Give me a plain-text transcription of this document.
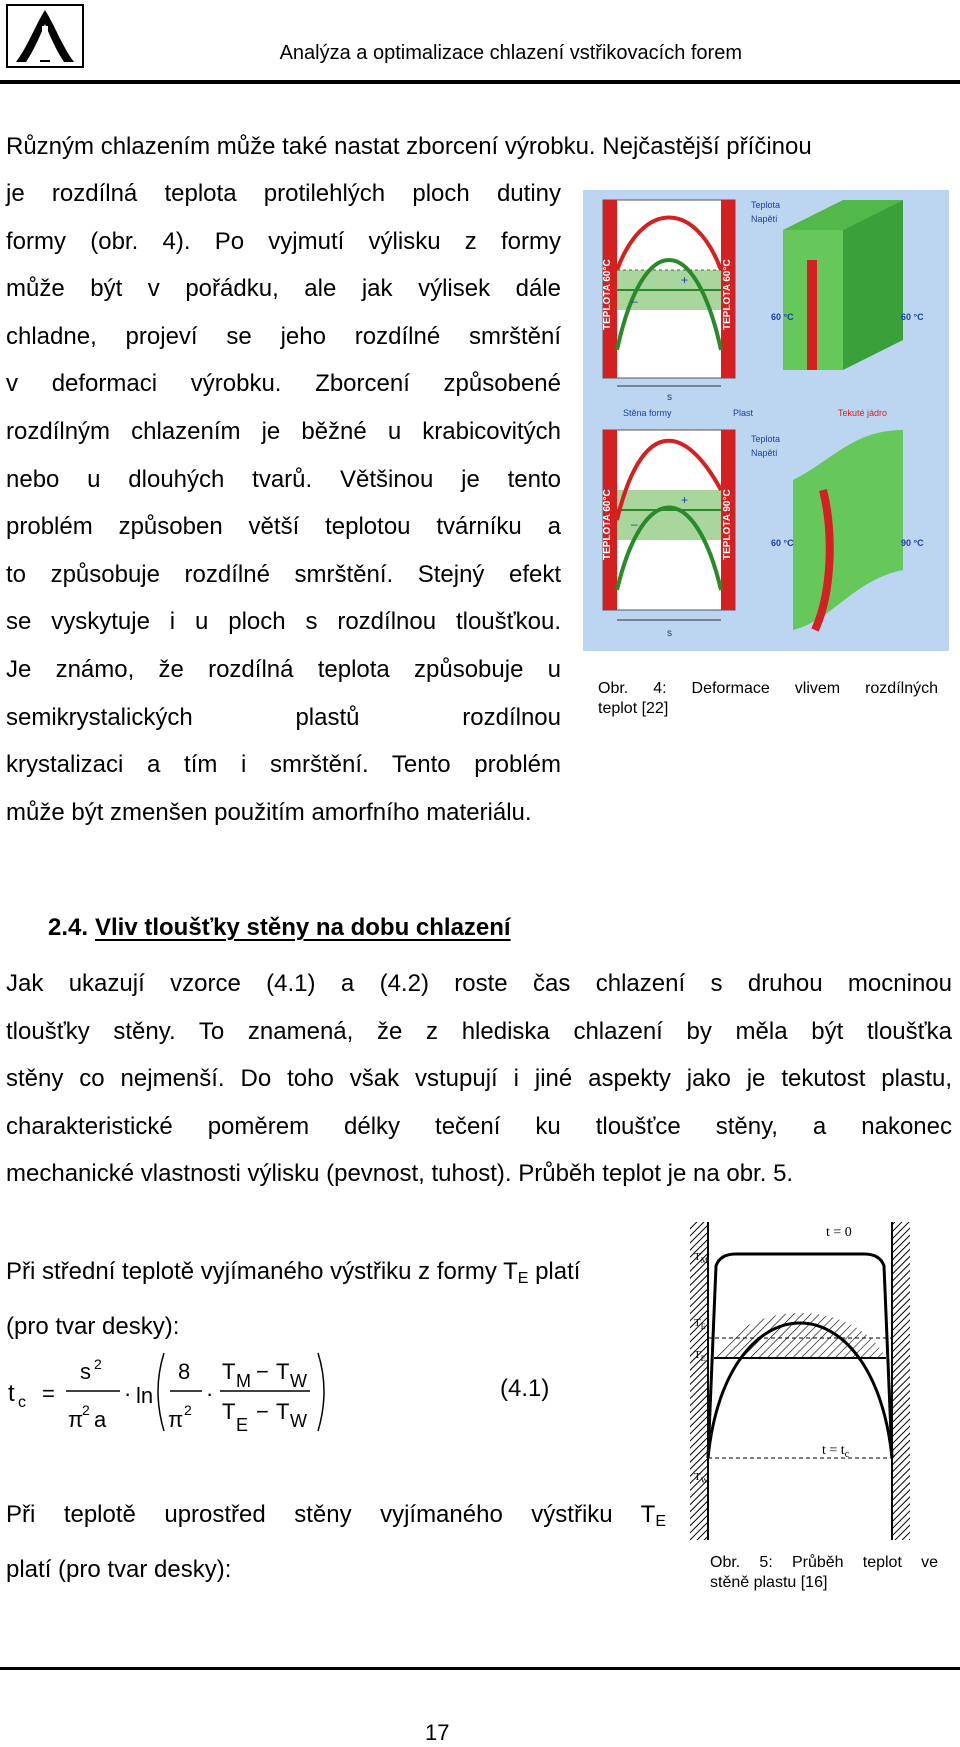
Analýza a optimalizace chlazení vstřikovacích forem
Různým chlazením může také nastat zborcení výrobku. Nejčastější příčinou
je rozdílná teplota protilehlých ploch dutiny
formy (obr. 4). Po vyjmutí výlisku z formy
může být v pořádku, ale jak výlisek dále
chladne, projeví se jeho rozdílné smrštění
v deformaci výrobku. Zborcení způsobené
rozdílným chlazením je běžné u krabicovitých
nebo u dlouhých tvarů. Většinou je tento
problém způsoben větší teplotou tvárníku a
to způsobuje rozdílné smrštění. Stejný efekt
se vyskytuje i u ploch s rozdílnou tloušťkou.
Je známo, že rozdílná teplota způsobuje u
semikrystalických plastů rozdílnou
krystalizaci a tím i smrštění. Tento problém
může být zmenšen použitím amorfního materiálu.
TEPLOTA 60°C	TEPLOTA 60°C
+
–
s
Teplota
Napětí
60 °C	60 °C
Stěna formy	Plast	Tekuté jádro
TEPLOTA 60°C	TEPLOTA 90°C
+
–
s
Teplota
Napětí
60 °C	90 °C
Obr. 4: Deformace vlivem rozdílných
teplot [22]
2.4. Vliv tloušťky stěny na dobu chlazení
Jak ukazují vzorce (4.1) a (4.2) roste čas chlazení s druhou mocninou
tloušťky stěny. To znamená, že z hlediska chlazení by měla být tloušťka
stěny co nejmenší. Do toho však vstupují i jiné aspekty jako je tekutost plastu,
charakteristické poměrem délky tečení ku tloušťce stěny, a nakonec
mechanické vlastnosti výlisku (pevnost, tuhost). Průběh teplot je na obr. 5.
t = 0
$T_M$
$T_E$
$T_E$
$T_W$
$t = t_c$
Obr. 5: Průběh teplot ve
stěně plastu [16]
Při střední teplotě vyjímaného výstřiku z formy $T_E$ platí
(pro tvar desky):
t c =
s 2
π
2 a
· ln
8
π 2
·
T M − T W
T
E
− T W
(4.1)
Při teplotě uprostřed stěny vyjímaného výstřiku $T_E$
platí (pro tvar desky):
17
